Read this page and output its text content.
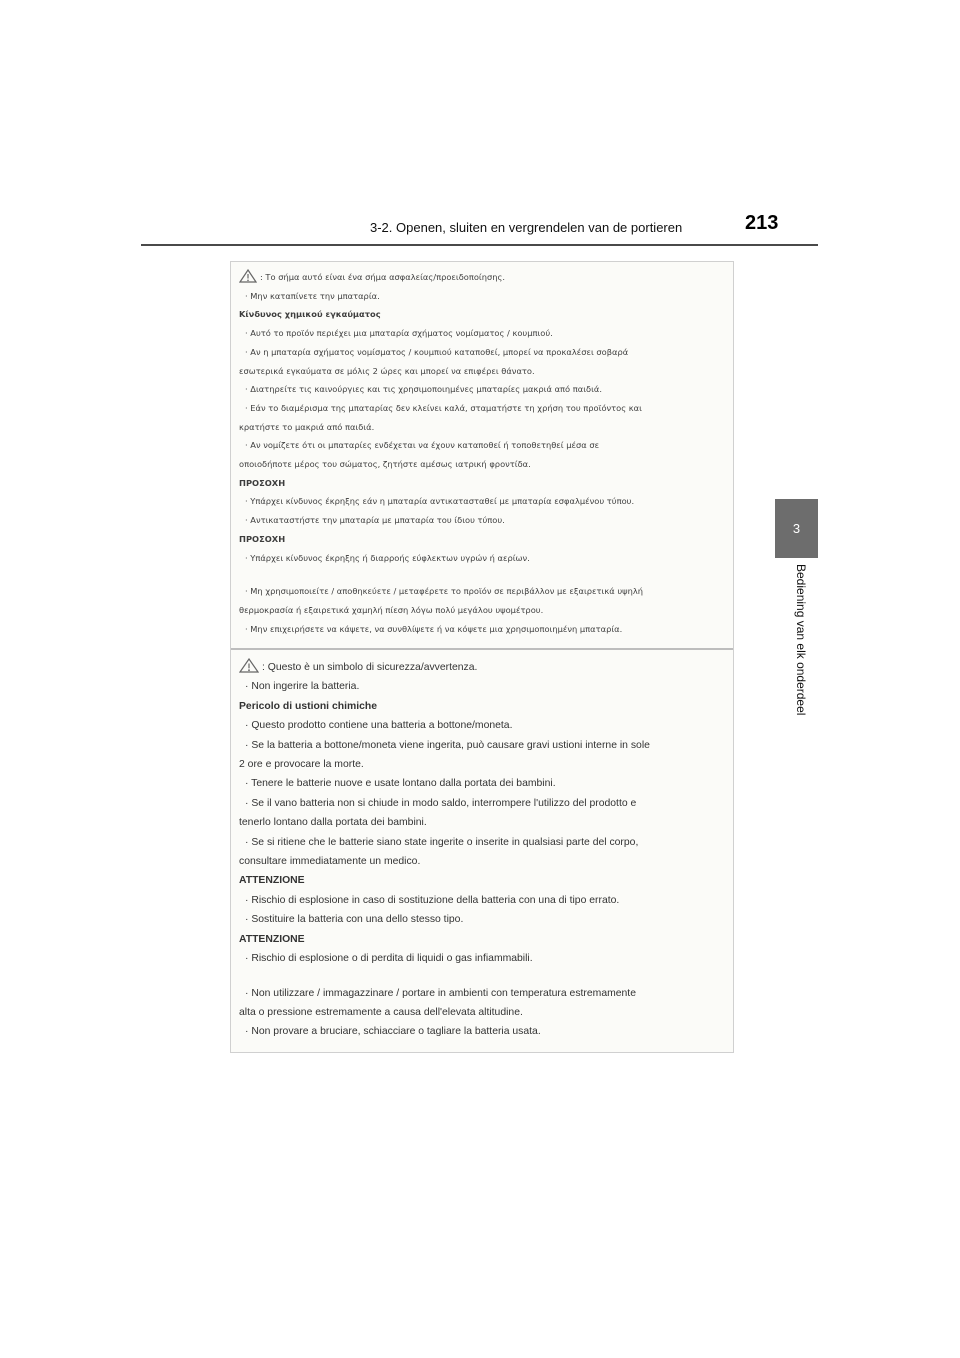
3-2. Openen, sluiten en vergrendelen van de portieren	213
3
Bediening van elk onderdeel
: Το σήμα αυτό είναι ένα σήμα ασφαλείας/προειδοποίησης.
· Μην καταπίνετε την μπαταρία.
Κίνδυνος χημικού εγκαύματος
· Αυτό το προϊόν περιέχει μια μπαταρία σχήματος νομίσματος / κουμπιού.
· Αν η μπαταρία σχήματος νομίσματος / κουμπιού καταποθεί, μπορεί να προκαλέσει σοβαρά
εσωτερικά εγκαύματα σε μόλις 2 ώρες και μπορεί να επιφέρει θάνατο.
· Διατηρείτε τις καινούργιες και τις χρησιμοποιημένες μπαταρίες μακριά από παιδιά.
· Εάν το διαμέρισμα της μπαταρίας δεν κλείνει καλά, σταματήστε τη χρήση του προϊόντος και
κρατήστε το μακριά από παιδιά.
· Αν νομίζετε ότι οι μπαταρίες ενδέχεται να έχουν καταποθεί ή τοποθετηθεί μέσα σε
οποιοδήποτε μέρος του σώματος, ζητήστε αμέσως ιατρική φροντίδα.
ΠΡΟΣΟΧΗ
· Υπάρχει κίνδυνος έκρηξης εάν η μπαταρία αντικατασταθεί με μπαταρία εσφαλμένου τύπου.
· Αντικαταστήστε την μπαταρία με μπαταρία του ίδιου τύπου.
ΠΡΟΣΟΧΗ
· Υπάρχει κίνδυνος έκρηξης ή διαρροής εύφλεκτων υγρών ή αερίων.
· Μη χρησιμοποιείτε / αποθηκεύετε / μεταφέρετε το προϊόν σε περιβάλλον με εξαιρετικά υψηλή
θερμοκρασία ή εξαιρετικά χαμηλή πίεση λόγω πολύ μεγάλου υψομέτρου.
· Μην επιχειρήσετε να κάψετε, να συνθλίψετε ή να κόψετε μια χρησιμοποιημένη μπαταρία.
: Questo è un simbolo di sicurezza/avvertenza.
· Non ingerire la batteria.
Pericolo di ustioni chimiche
· Questo prodotto contiene una batteria a bottone/moneta.
· Se la batteria a bottone/moneta viene ingerita, può causare gravi ustioni interne in sole
2 ore e provocare la morte.
· Tenere le batterie nuove e usate lontano dalla portata dei bambini.
· Se il vano batteria non si chiude in modo saldo, interrompere l'utilizzo del prodotto e
tenerlo lontano dalla portata dei bambini.
· Se si ritiene che le batterie siano state ingerite o inserite in qualsiasi parte del corpo,
consultare immediatamente un medico.
ATTENZIONE
· Rischio di esplosione in caso di sostituzione della batteria con una di tipo errato.
· Sostituire la batteria con una dello stesso tipo.
ATTENZIONE
· Rischio di esplosione o di perdita di liquidi o gas infiammabili.
· Non utilizzare / immagazzinare / portare in ambienti con temperatura estremamente
alta o pressione estremamente a causa dell'elevata altitudine.
· Non provare a bruciare, schiacciare o tagliare la batteria usata.
